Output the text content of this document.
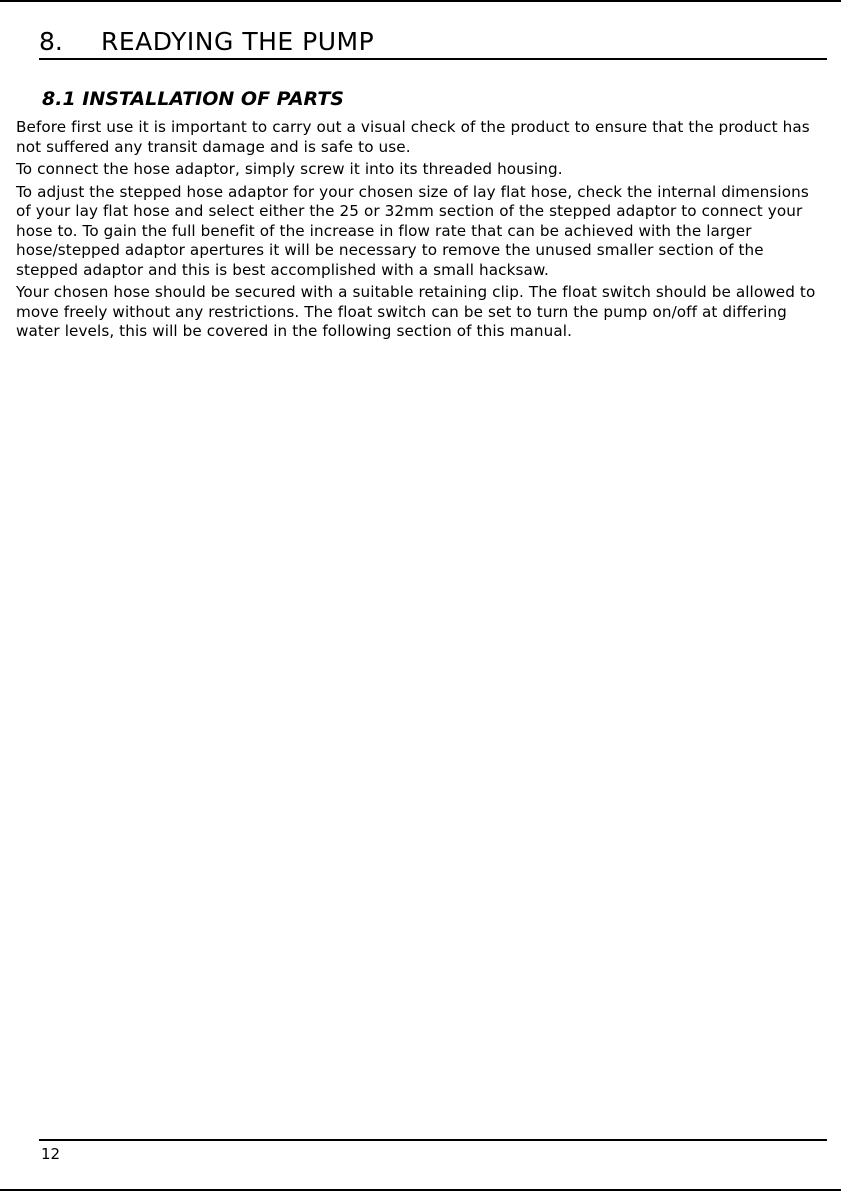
8.	READYING THE PUMP
8.1 INSTALLATION OF PARTS

Before first use it is important to carry out a visual check of the product to ensure that the product has not suffered any transit damage and is safe to use.

To connect the hose adaptor, simply screw it into its threaded housing.

To adjust the stepped hose adaptor for your chosen size of lay flat hose, check the internal dimensions of your lay flat hose and select either the 25 or 32mm section of the stepped adaptor to connect your hose to. To gain the full benefit of the increase in flow rate that can be achieved with the larger hose/stepped adaptor apertures it will be necessary to remove the unused smaller section of the stepped adaptor and this is best accomplished with a small hacksaw.

Your chosen hose should be secured with a suitable retaining clip. The float switch should be allowed to move freely without any restrictions. The float switch can be set to turn the pump on/off at differing water levels, this will be covered in the following section of this manual.

12
